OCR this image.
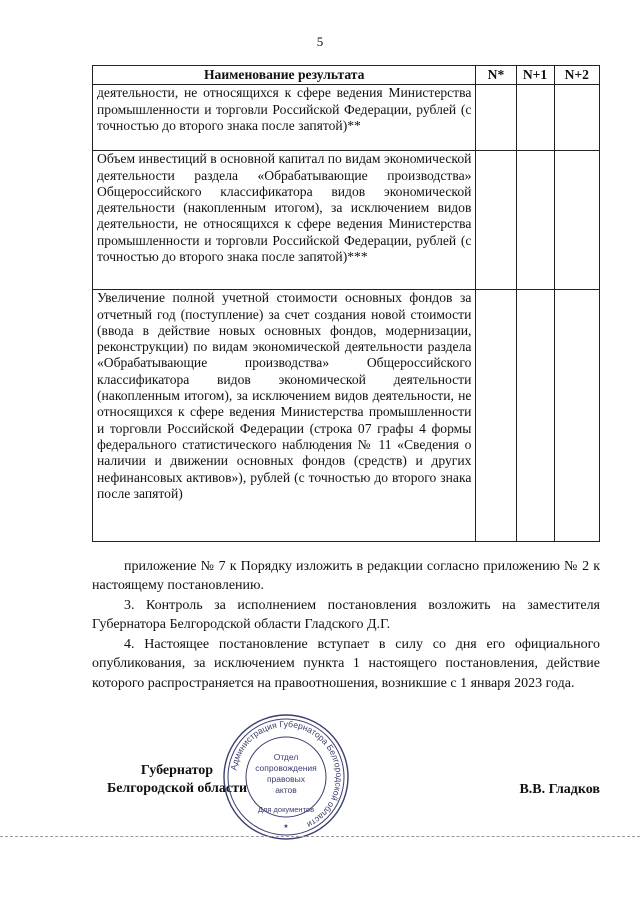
5
Наименование результата	N*	N+1	N+2
деятельности, не относящихся к сфере ведения Министерства промышленности и торговли Российской Федерации, рублей (с точностью до второго знака после запятой)**			
Объем инвестиций в основной капитал по видам экономической деятельности раздела «Обрабатывающие производства» Общероссийского классификатора видов экономической деятельности (накопленным итогом), за исключением видов деятельности, не относящихся к сфере ведения Министерства промышленности и торговли Российской Федерации, рублей (с точностью до второго знака после запятой)***			
Увеличение полной учетной стоимости основных фондов за отчетный год (поступление) за счет создания новой стоимости (ввода в действие новых основных фондов, модернизации, реконструкции) по видам экономической деятельности раздела «Обрабатывающие производства» Общероссийского классификатора видов экономической деятельности (накопленным итогом), за исключением видов деятельности, не относящихся к сфере ведения Министерства промышленности и торговли Российской Федерации (строка 07 графы 4 формы федерального статистического наблюдения № 11 «Сведения о наличии и движении основных фондов (средств) и других нефинансовых активов»), рублей (с точностью до второго знака после запятой)			
приложение № 7 к Порядку изложить в редакции согласно приложению № 2 к настоящему постановлению.
3. Контроль за исполнением постановления возложить на заместителя Губернатора Белгородской области Гладского Д.Г.
4. Настоящее постановление вступает в силу со дня его официального опубликования, за исключением пункта 1 настоящего постановления, действие которого распространяется на правоотношения, возникшие с 1 января 2023 года.
Губернатор
Белгородской области
Администрация Губернатора Белгородской области
Отдел
сопровождения
правовых
актов
Для документов
★
В.В. Гладков
